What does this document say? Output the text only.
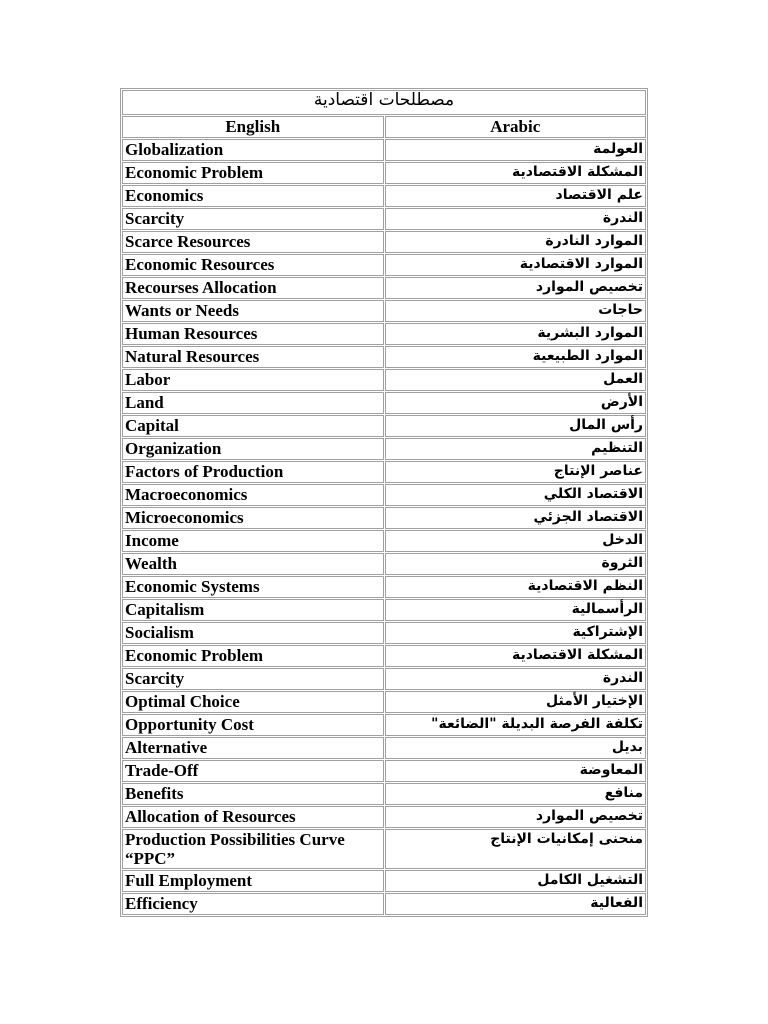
مصطلحات اقتصادية	
English	Arabic
Globalization	العولمة
Economic Problem	المشكلة الاقتصادية
Economics	علم الاقتصاد
Scarcity	الندرة
Scarce Resources	الموارد النادرة
Economic Resources	الموارد الاقتصادية
Recourses Allocation	تخصيص الموارد
Wants or Needs	حاجات
Human Resources	الموارد البشرية
Natural Resources	الموارد الطبيعية
Labor	العمل
Land	الأرض
Capital	رأس المال
Organization	التنظيم
Factors of Production	عناصر الإنتاج
Macroeconomics	الاقتصاد الكلي
Microeconomics	الاقتصاد الجزئي
Income	الدخل
Wealth	الثروة
Economic Systems	النظم الاقتصادية
Capitalism	الرأسمالية
Socialism	الإشتراكية
Economic Problem	المشكلة الاقتصادية
Scarcity	الندرة
Optimal Choice	الإختيار الأمثل
Opportunity Cost	تكلفة الفرصة البديلة "الضائعة"
Alternative	بديل
Trade-Off	المعاوضة
Benefits	منافع
Allocation of Resources	تخصيص الموارد
Production Possibilities Curve “PPC”	منحنى إمكانيات الإنتاج
Full Employment	التشغيل الكامل
Efficiency	الفعالية
